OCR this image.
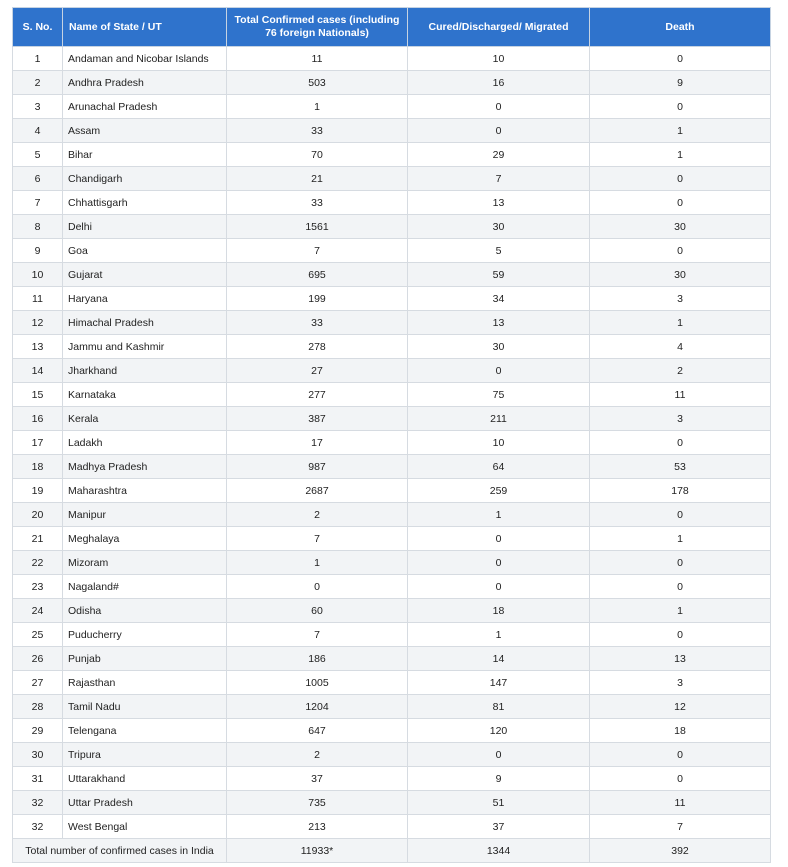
S. No.	Name of State / UT	Total Confirmed cases (including 76 foreign Nationals)	Cured/Discharged/ Migrated	Death
1	Andaman and Nicobar Islands	11	10	0
2	Andhra Pradesh	503	16	9
3	Arunachal Pradesh	1	0	0
4	Assam	33	0	1
5	Bihar	70	29	1
6	Chandigarh	21	7	0
7	Chhattisgarh	33	13	0
8	Delhi	1561	30	30
9	Goa	7	5	0
10	Gujarat	695	59	30
11	Haryana	199	34	3
12	Himachal Pradesh	33	13	1
13	Jammu and Kashmir	278	30	4
14	Jharkhand	27	0	2
15	Karnataka	277	75	11
16	Kerala	387	211	3
17	Ladakh	17	10	0
18	Madhya Pradesh	987	64	53
19	Maharashtra	2687	259	178
20	Manipur	2	1	0
21	Meghalaya	7	0	1
22	Mizoram	1	0	0
23	Nagaland#	0	0	0
24	Odisha	60	18	1
25	Puducherry	7	1	0
26	Punjab	186	14	13
27	Rajasthan	1005	147	3
28	Tamil Nadu	1204	81	12
29	Telengana	647	120	18
30	Tripura	2	0	0
31	Uttarakhand	37	9	0
32	Uttar Pradesh	735	51	11
32	West Bengal	213	37	7
Total number of confirmed cases in India		11933*	1344	392
